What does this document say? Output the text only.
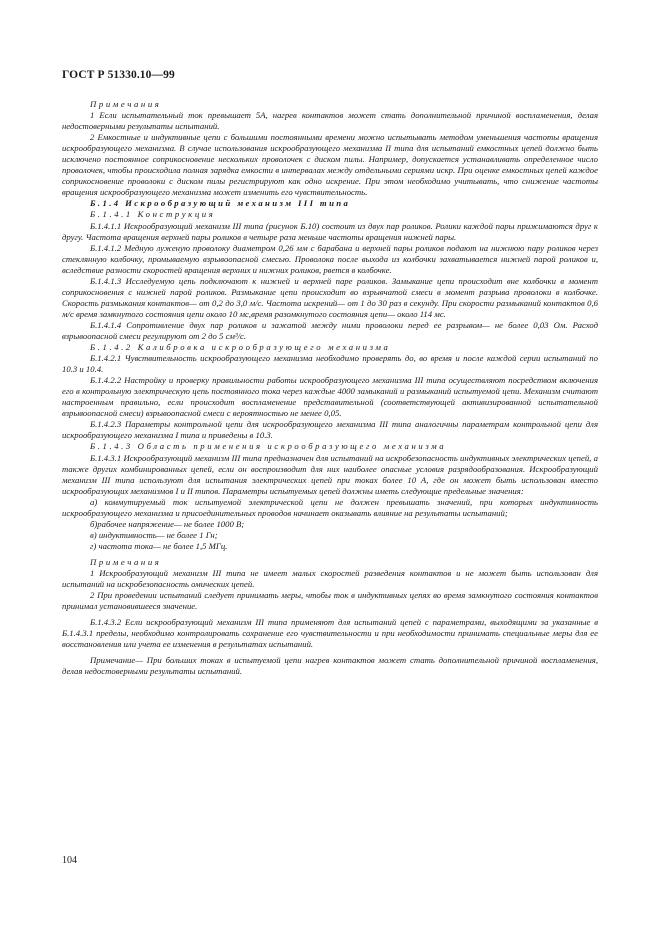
ГОСТ Р 51330.10—99

Примечания

1 Если испытательный ток превышает 5А, нагрев контактов может стать дополнительной причиной воспламенения, делая недостоверными результаты испытаний.

2 Емкостные и индуктивные цепи с большими постоянными времени можно испытывать методом уменьшения частоты вращения искрообразующего механизма. В случае использования искрообразующего механизма II типа для испытаний емкостных цепей должно быть исключено постоянное соприкосновение нескольких проволочек с диском пилы. Например, допускается устанавливать определенное число проволочек, чтобы происходила полная зарядка емкости в интервалах между отдельными сериями искр. При оценке емкостных цепей каждое соприкосновение проволоки с диском пилы регистрируют как одно искрение. При этом необходимо учитывать, что снижение частоты вращения искрообразующего механизма может изменить его чувствительность.

Б.1.4 Искрообразующий механизм III типа

Б.1.4.1 Конструкция

Б.1.4.1.1 Искрообразующий механизм III типа (рисунок Б.10) состоит из двух пар роликов. Ролики каждой пары прижимаются друг к другу. Частота вращения верхней пары роликов в четыре раза меньше частоты вращения нижней пары.

Б.1.4.1.2 Медную луженую проволоку диаметром 0,26 мм с барабана и верхней пары роликов подают на нижнюю пару роликов через стеклянную колбочку, промываемую взрывоопасной смесью. Проволока после выхода из колбочки захватывается нижней парой роликов и, вследствие разности скоростей вращения верхних и нижних роликов, рвется в колбочке.

Б.1.4.1.3 Исследуемую цепь подключают к нижней и верхней паре роликов. Замыкание цепи происходит вне колбочки в момент соприкосновения с нижней парой роликов. Размыкание цепи происходит во взрывчатой смеси в момент разрыва проволоки в колбочке. Скорость размыкания контактов— от 0,2 до 3,0 м/с. Частота искрений— от 1 до 30 раз в секунду. При скорости размыканий контактов 0,6 м/с время замкнутого состояния цепи около 10 мс,время разомкнутого состояния цепи— около 114 мс.

Б.1.4.1.4 Сопротивление двух пар роликов и зажатой между ними проволоки перед ее разрывом— не более 0,03 Ом. Расход взрывоопасной смеси регулируют от 2 до 5 см³/с.

Б.1.4.2 Калибровка искрообразующего механизма

Б.1.4.2.1 Чувствительность искрообразующего механизма необходимо проверять до, во время и после каждой серии испытаний по 10.3 и 10.4.

Б.1.4.2.2 Настройку и проверку правильности работы искрообразующего механизма III типа осуществляют посредством включения его в контрольную электрическую цепь постоянного тока через каждые 4000 замыканий и размыканий испытуемой цепи. Механизм считают настроенным правильно, если происходит воспламенение представительной (соответствующей активизированной испытательной взрывоопасной смеси) взрывоопасной смеси с вероятностью не менее 0,05.

Б.1.4.2.3 Параметры контрольной цепи для искрообразующего механизма III типа аналогичны параметрам контрольной цепи для искрообразующего механизма I типа и приведены в 10.3.

Б.1.4.3 Область применения искрообразующего механизма

Б.1.4.3.1 Искрообразующий механизм III типа предназначен для испытаний на искробезопасность индуктивных электрических цепей, а также других комбинированных цепей, если он воспроизводит для них наиболее опасные условия разрядообразования. Искрообразующий механизм III типа используют для испытания электрических цепей при токах более 10 А, где он может быть использован вместо искрообразующих механизмов I и II типов. Параметры испытуемых цепей должны иметь следующие предельные значения:

а) коммутируемый ток испытуемой электрической цепи не должен превышать значений, при которых индуктивность искрообразующего механизма и присоединительных проводов начинает оказывать влияние на результаты испытаний;

б)рабочее напряжение— не более 1000 В;

в) индуктивность— не более 1 Гн;

г) частота тока— не более 1,5 МГц.

Примечания

1 Искрообразующий механизм III типа не имеет малых скоростей разведения контактов и не может быть использован для испытаний на искробезопасность омических цепей.

2 При проведении испытаний следует принимать меры, чтобы ток в индуктивных цепях во время замкнутого состояния контактов принимал установившееся значение.

Б.1.4.3.2 Если искрообразующий механизм III типа применяют для испытаний цепей с параметрами, выходящими за указанные в Б.1.4.3.1 пределы, необходимо контролировать сохранение его чувствительности и при необходимости принимать специальные меры для ее восстановления или учета ее изменения в результатах испытаний.

Примечание— При больших токах в испытуемой цепи нагрев контактов может стать дополнительной причиной воспламенения, делая недостоверными результаты испытаний.

104
